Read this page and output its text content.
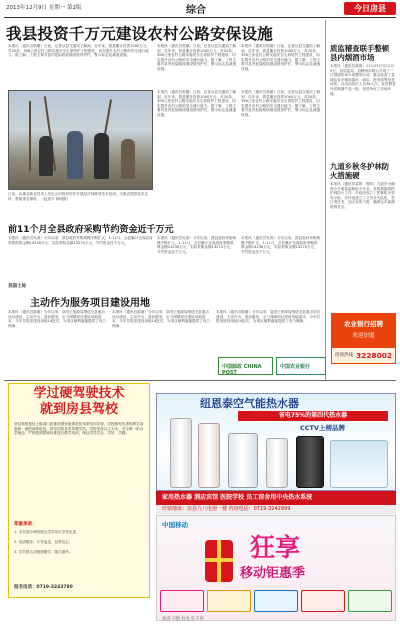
2013年12月9日 星期一 第2版	综合	今日房县
我县投资千万元建设农村公路安保设施
本报讯（通讯员郭顺）日前，记者从县交通局了解到，近年来，我县累计投资1000万元，对20条、398公里农村公路实施安全生命防护工程建设，切实提升农村公路的安全通行能力。据了解，工程主要对县内危险路段增设波形护栏、警示标志及减速设施。
本报讯（通讯员郭顺）日前，记者从县交通局了解到，近年来，我县累计投资1000万元，对20条、398公里农村公路实施安全生命防护工程建设，切实提升农村公路的安全通行能力。据了解，工程主要对县内危险路段增设波形护栏、警示标志及减速设施。
本报讯（通讯员郭顺）日前，记者从县交通局了解到，近年来，我县累计投资1000万元，对20条、398公里农村公路实施安全生命防护工程建设，切实提升农村公路的安全通行能力。据了解，工程主要对县内危险路段增设波形护栏、警示标志及减速设施。
日前，由湖北林业技术人员在山村指导村民开展经济林修剪技术培训，为果农提供技术支持，帮助果农增收。（赵建平 杨明摄）
本报讯（通讯员郭顺）日前，记者从县交通局了解到，近年来，我县累计投资1000万元，对20条、398公里农村公路实施安全生命防护工程建设，切实提升农村公路的安全通行能力。据了解，工程主要对县内危险路段增设波形护栏、警示标志及减速设施。
本报讯（通讯员郭顺）日前，记者从县交通局了解到，近年来，我县累计投资1000万元，对20条、398公里农村公路实施安全生命防护工程建设，切实提升农村公路的安全通行能力。据了解，工程主要对县内危险路段增设波形护栏、警示标志及减速设施。
前11个月全县政府采购节约资金近千万元
本报讯（通讯员吴涛）今年以来，我县政府采购规模不断扩大，1-11月，全县累计完成政府采购预算金额14236万元，实际采购金额13270万元，节约资金近千万元。
本报讯（通讯员吴涛）今年以来，我县政府采购规模不断扩大，1-11月，全县累计完成政府采购预算金额14236万元，实际采购金额13270万元，节约资金近千万元。
本报讯（通讯员吴涛）今年以来，我县政府采购规模不断扩大，1-11月，全县累计完成政府采购预算金额14236万元，实际采购金额13270万元，节约资金近千万元。
县国土局
主动作为服务项目建设用地
本报讯（通讯员陈刚）今年以来，县国土资源局围绕全县重点项目建设，主动作为、靠前服务，全力保障项目建设用地需求，今年共报批建设用地14批次，为项目顺利落地提供了有力保障。
本报讯（通讯员陈刚）今年以来，县国土资源局围绕全县重点项目建设，主动作为、靠前服务，全力保障项目建设用地需求，今年共报批建设用地14批次，为项目顺利落地提供了有力保障。
本报讯（通讯员陈刚）今年以来，县国土资源局围绕全县重点项目建设，主动作为、靠前服务，全力保障项目建设用地需求，今年共报批建设用地14批次，为项目顺利落地提供了有力保障。
质监稽查联手整顿县内烟酒市场
本报讯（通讯员黄倩）11月25日至12月3日，县质监局、县稽查局联合开展了一次烟酒市场专项整治行动，重点检查了县城及各乡镇的超市、商店、批发部等经营场所，共出动执法人员36人次，查获假冒伪劣烟酒产品一批，有效净化了市场环境。
九道乡秋冬护林防火措施硬
本报讯（通讯员袁园　郭明）九道乡为确保今冬明春森林防火安全，采取措施狠抓护林防火工作。乡政府成立了护林防火领导小组，各村组建立了义务扑火队伍，签订责任书，加大宣传力度，确保全乡森林资源安全。
农业银行招聘
欢迎加盟
招商热线 3228002
中国邮政 CHINA POST
中国农业银行
学过硬驾驶技术
就到房县驾校
房县驾校是经上级部门批准的国家级规范化驾驶培训学校，学校拥有先进的教学设施和一流的师资队伍，常年招收各类驾驶学员。学校坚持以人为本、安全第一的办学理念，严格按照国家标准进行教学培训，保证学员学会、学好、学精。
郑重承诺：
1. 本年度办理驾驶证学员均可享受优惠；
2. 优质服务、专车接送、包教包会；
3. 学员报名可随到随学、随学随考。
报名电话：0719-3243780
纽恩泰空气能热水器
省电75%的第四代热水器
CCTV上榜品牌
家用热水器 酒店宾馆 医院学校 员工宿舍用中央热水系统
经销地址：房县九八电器一楼 咨询电话：0719-3242999
中国移动
狂享
移动钜惠季
惊喜不断 好礼享不停
